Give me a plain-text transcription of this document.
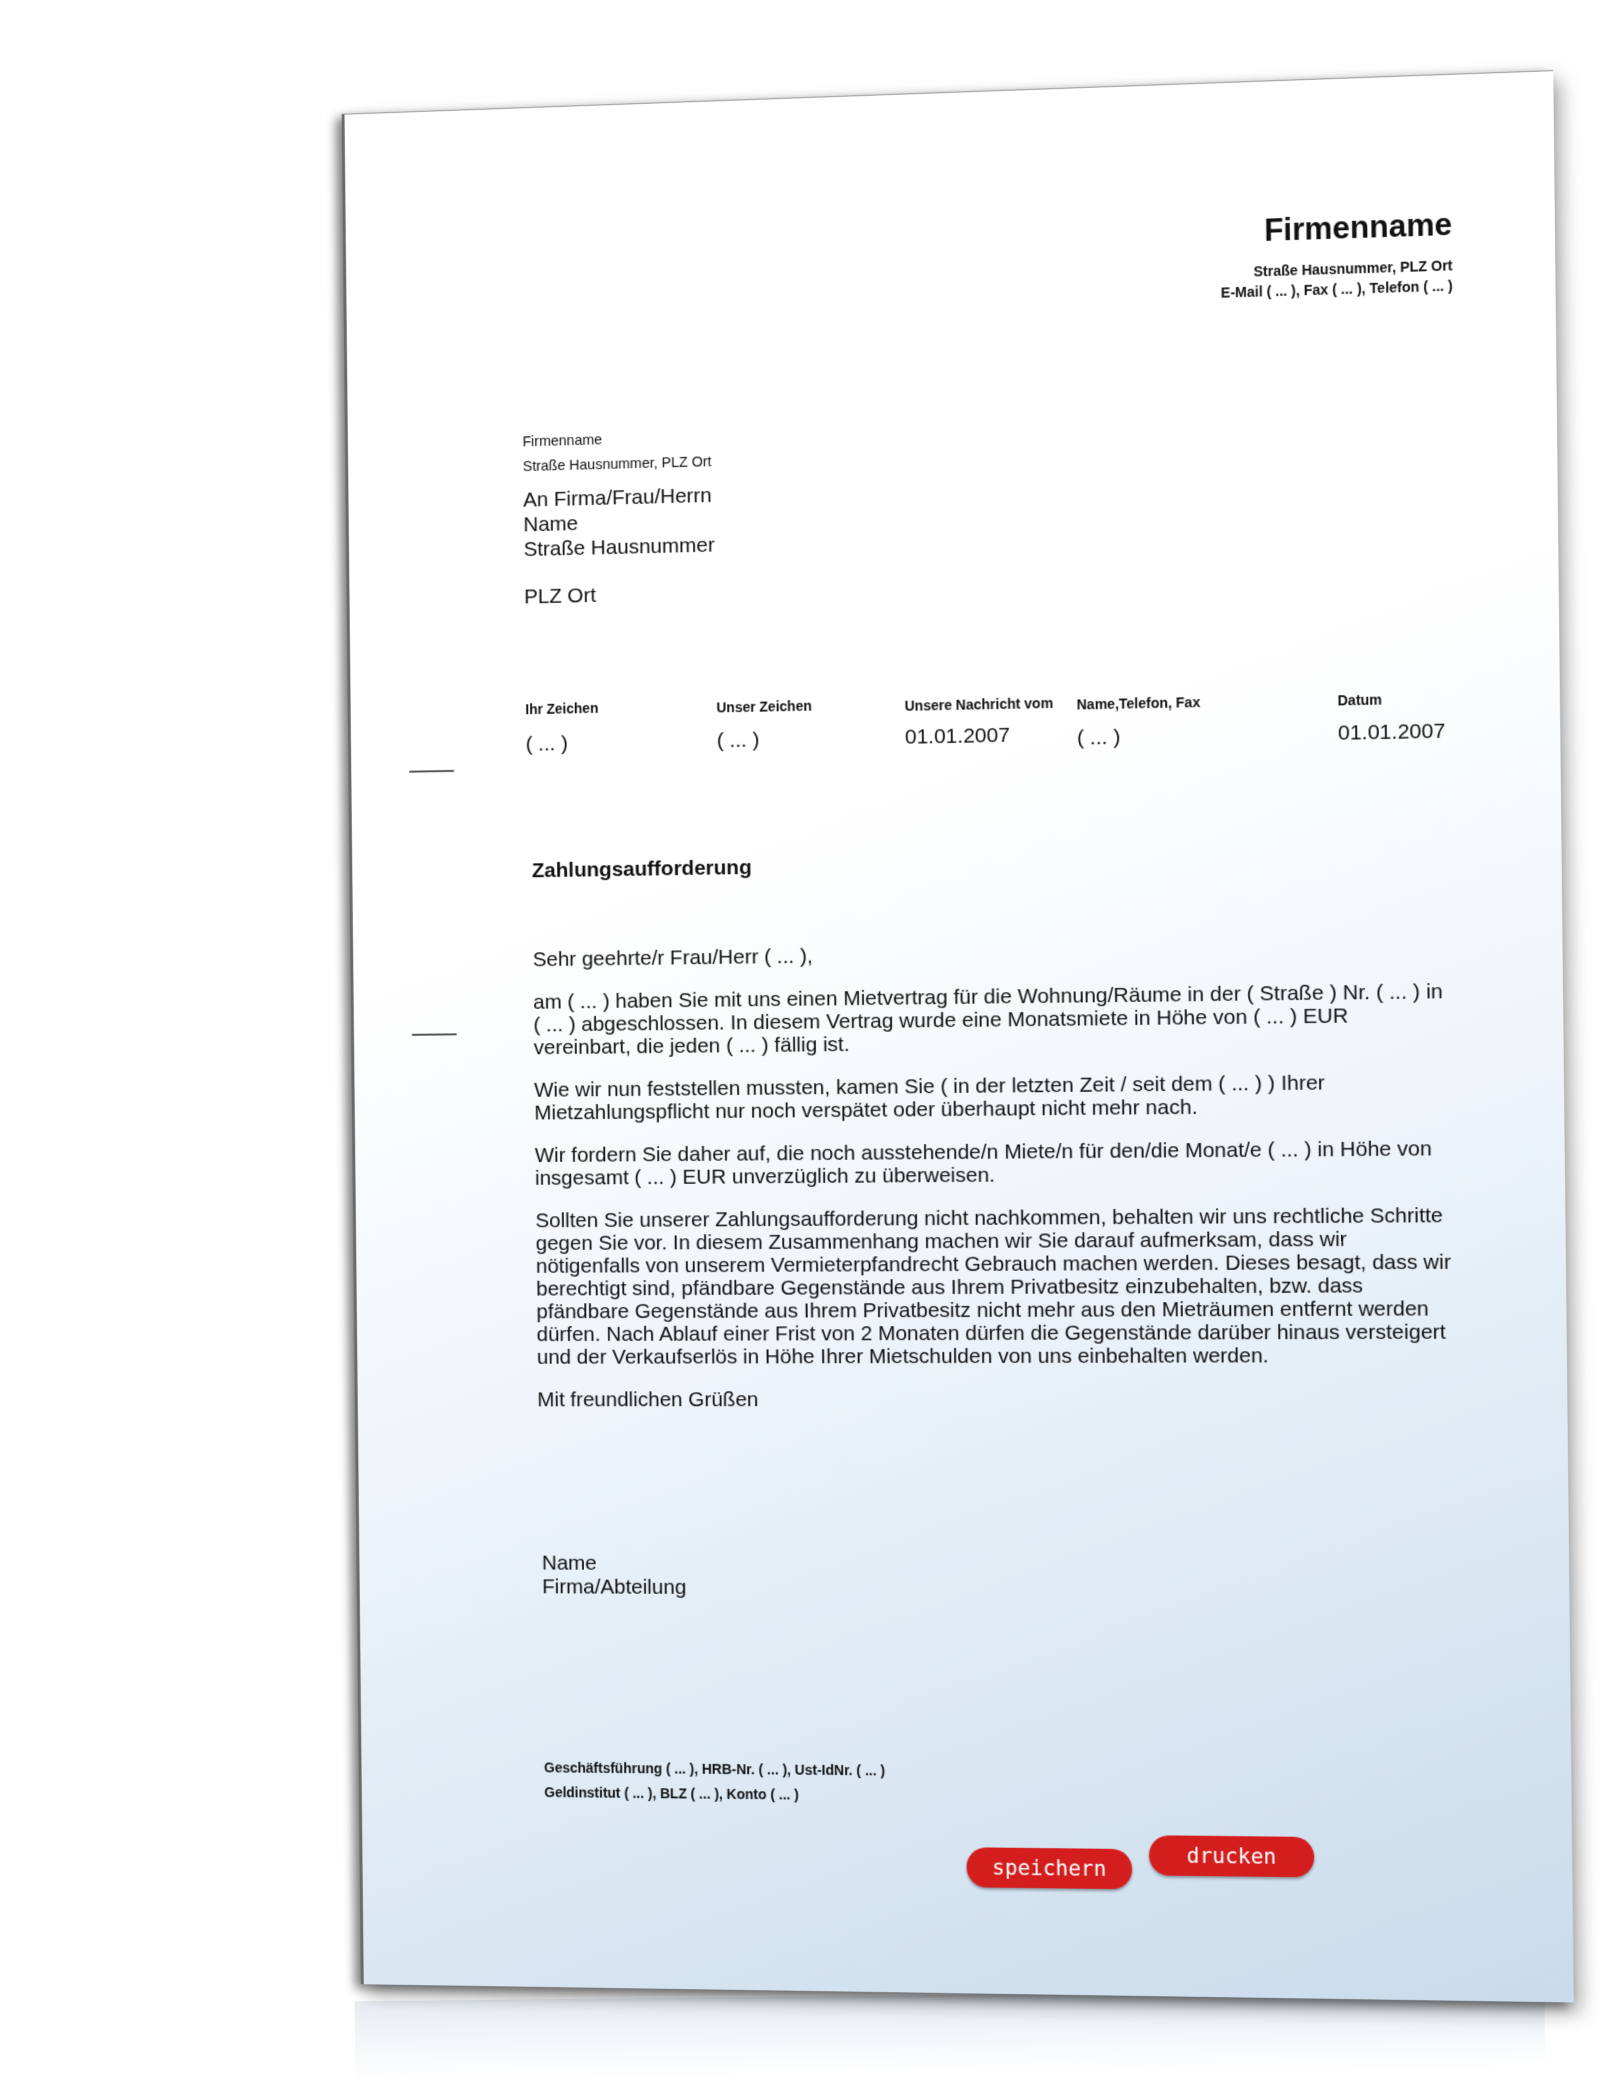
Firmenname
Straße Hausnummer, PLZ Ort
E-Mail ( ... ), Fax ( ... ), Telefon ( ... )
Firmenname
Straße Hausnummer, PLZ Ort
An Firma/Frau/Herrn
Name
Straße Hausnummer
PLZ Ort
Ihr Zeichen
( ... )
Unser Zeichen
( ... )
Unsere Nachricht vom
01.01.2007
Name,Telefon, Fax
( ... )
Datum
01.01.2007
Zahlungsaufforderung

Sehr geehrte/r Frau/Herr ( ... ),

am ( ... ) haben Sie mit uns einen Mietvertrag für die Wohnung/Räume in der ( Straße ) Nr. ( ... ) in ( ... ) abgeschlossen. In diesem Vertrag wurde eine Monatsmiete in Höhe von ( ... ) EUR vereinbart, die jeden ( ... ) fällig ist.

Wie wir nun feststellen mussten, kamen Sie ( in der letzten Zeit / seit dem ( ... ) ) Ihrer Mietzahlungspflicht nur noch verspätet oder überhaupt nicht mehr nach.

Wir fordern Sie daher auf, die noch ausstehende/n Miete/n für den/die Monat/e ( ... ) in Höhe von insgesamt ( ... ) EUR unverzüglich zu überweisen.

Sollten Sie unserer Zahlungsaufforderung nicht nachkommen, behalten wir uns rechtliche Schritte gegen Sie vor. In diesem Zusammenhang machen wir Sie darauf aufmerksam, dass wir nötigenfalls von unserem Vermieterpfandrecht Gebrauch machen werden. Dieses besagt, dass wir berechtigt sind, pfändbare Gegenstände aus Ihrem Privatbesitz einzubehalten, bzw. dass pfändbare Gegenstände aus Ihrem Privatbesitz nicht mehr aus den Mieträumen entfernt werden dürfen. Nach Ablauf einer Frist von 2 Monaten dürfen die Gegenstände darüber hinaus versteigert und der Verkaufserlös in Höhe Ihrer Mietschulden von uns einbehalten werden.

Mit freundlichen Grüßen

Name
Firma/Abteilung
Geschäftsführung ( ... ), HRB-Nr. ( ... ), Ust-IdNr. ( ... )
Geldinstitut ( ... ), BLZ ( ... ), Konto ( ... )
speichern	drucken
